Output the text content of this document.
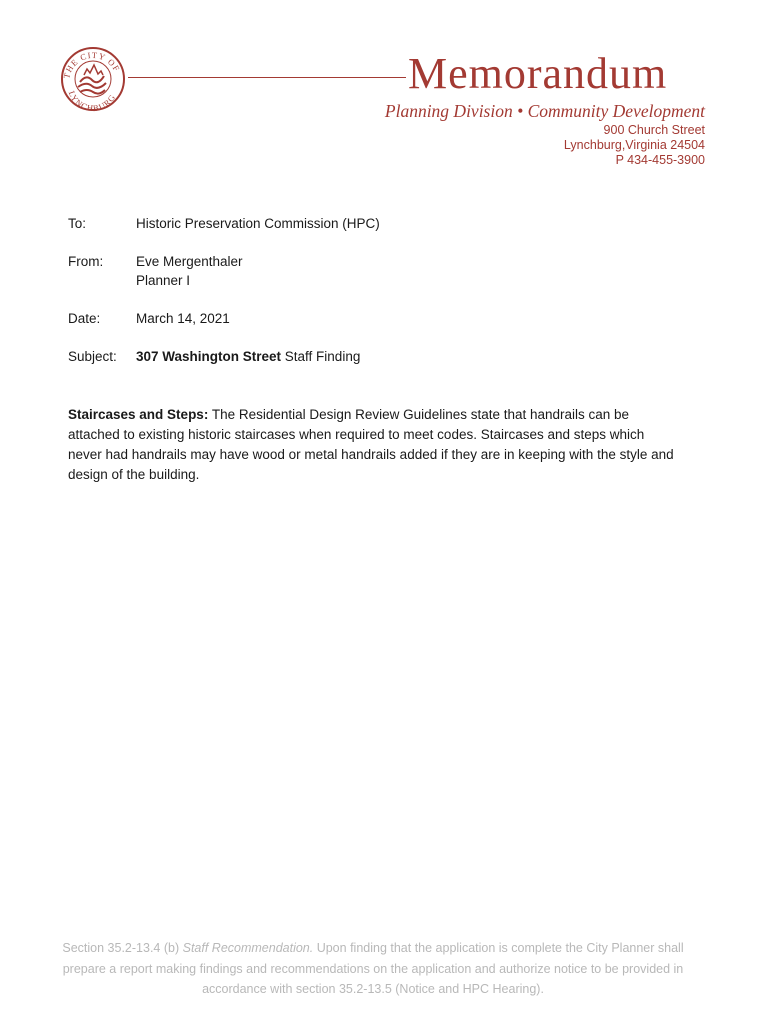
THE CITY OF
LYNCHBURG	Memorandum
Planning Division • Community Development
900 Church Street
Lynchburg,Virginia 24504
P 434-455-3900
To:	Historic Preservation Commission (HPC)
From: Eve Mergenthaler
Planner I
Date:	March 14, 2021
Subject: 307 Washington Street Staff Finding
Staircases and Steps: The Residential Design Review Guidelines state that handrails can be attached to existing historic staircases when required to meet codes. Staircases and steps which never had handrails may have wood or metal handrails added if they are in keeping with the style and design of the building.
Section 35.2-13.4 (b) Staff Recommendation. Upon finding that the application is complete the City Planner shall prepare a report making findings and recommendations on the application and authorize notice to be provided in accordance with section 35.2-13.5 (Notice and HPC Hearing).
